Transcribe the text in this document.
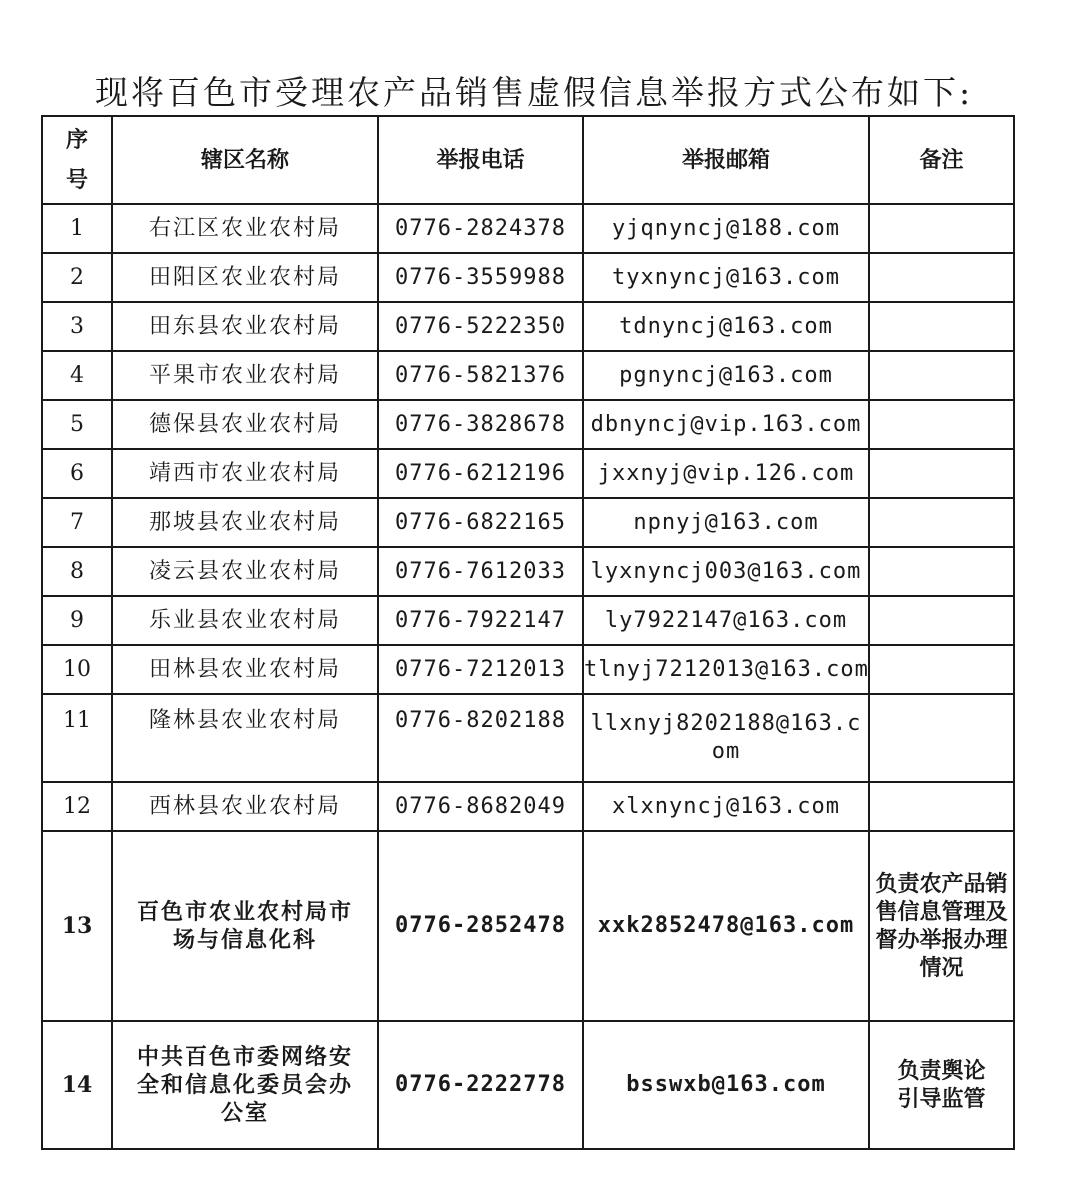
现将百色市受理农产品销售虚假信息举报方式公布如下:
序
号	辖区名称	举报电话	举报邮箱	备注
1	右江区农业农村局	0776-2824378	yjqnyncj@188.com	
2	田阳区农业农村局	0776-3559988	tyxnyncj@163.com	
3	田东县农业农村局	0776-5222350	tdnyncj@163.com	
4	平果市农业农村局	0776-5821376	pgnyncj@163.com	
5	德保县农业农村局	0776-3828678	dbnyncj@vip.163.com	
6	靖西市农业农村局	0776-6212196	jxxnyj@vip.126.com	
7	那坡县农业农村局	0776-6822165	npnyj@163.com	
8	凌云县农业农村局	0776-7612033	lyxnyncj003@163.com	
9	乐业县农业农村局	0776-7922147	ly7922147@163.com	
10	田林县农业农村局	0776-7212013	tlnyj7212013@163.com	
11	隆林县农业农村局	0776-8202188	llxnyj8202188@163.com	
12	西林县农业农村局	0776-8682049	xlxnyncj@163.com	
13	百色市农业农村局市场与信息化科	0776-2852478	xxk2852478@163.com	负责农产品销售信息管理及督办举报办理情况
14	中共百色市委网络安全和信息化委员会办公室	0776-2222778	bsswxb@163.com	负责舆论引导监管
